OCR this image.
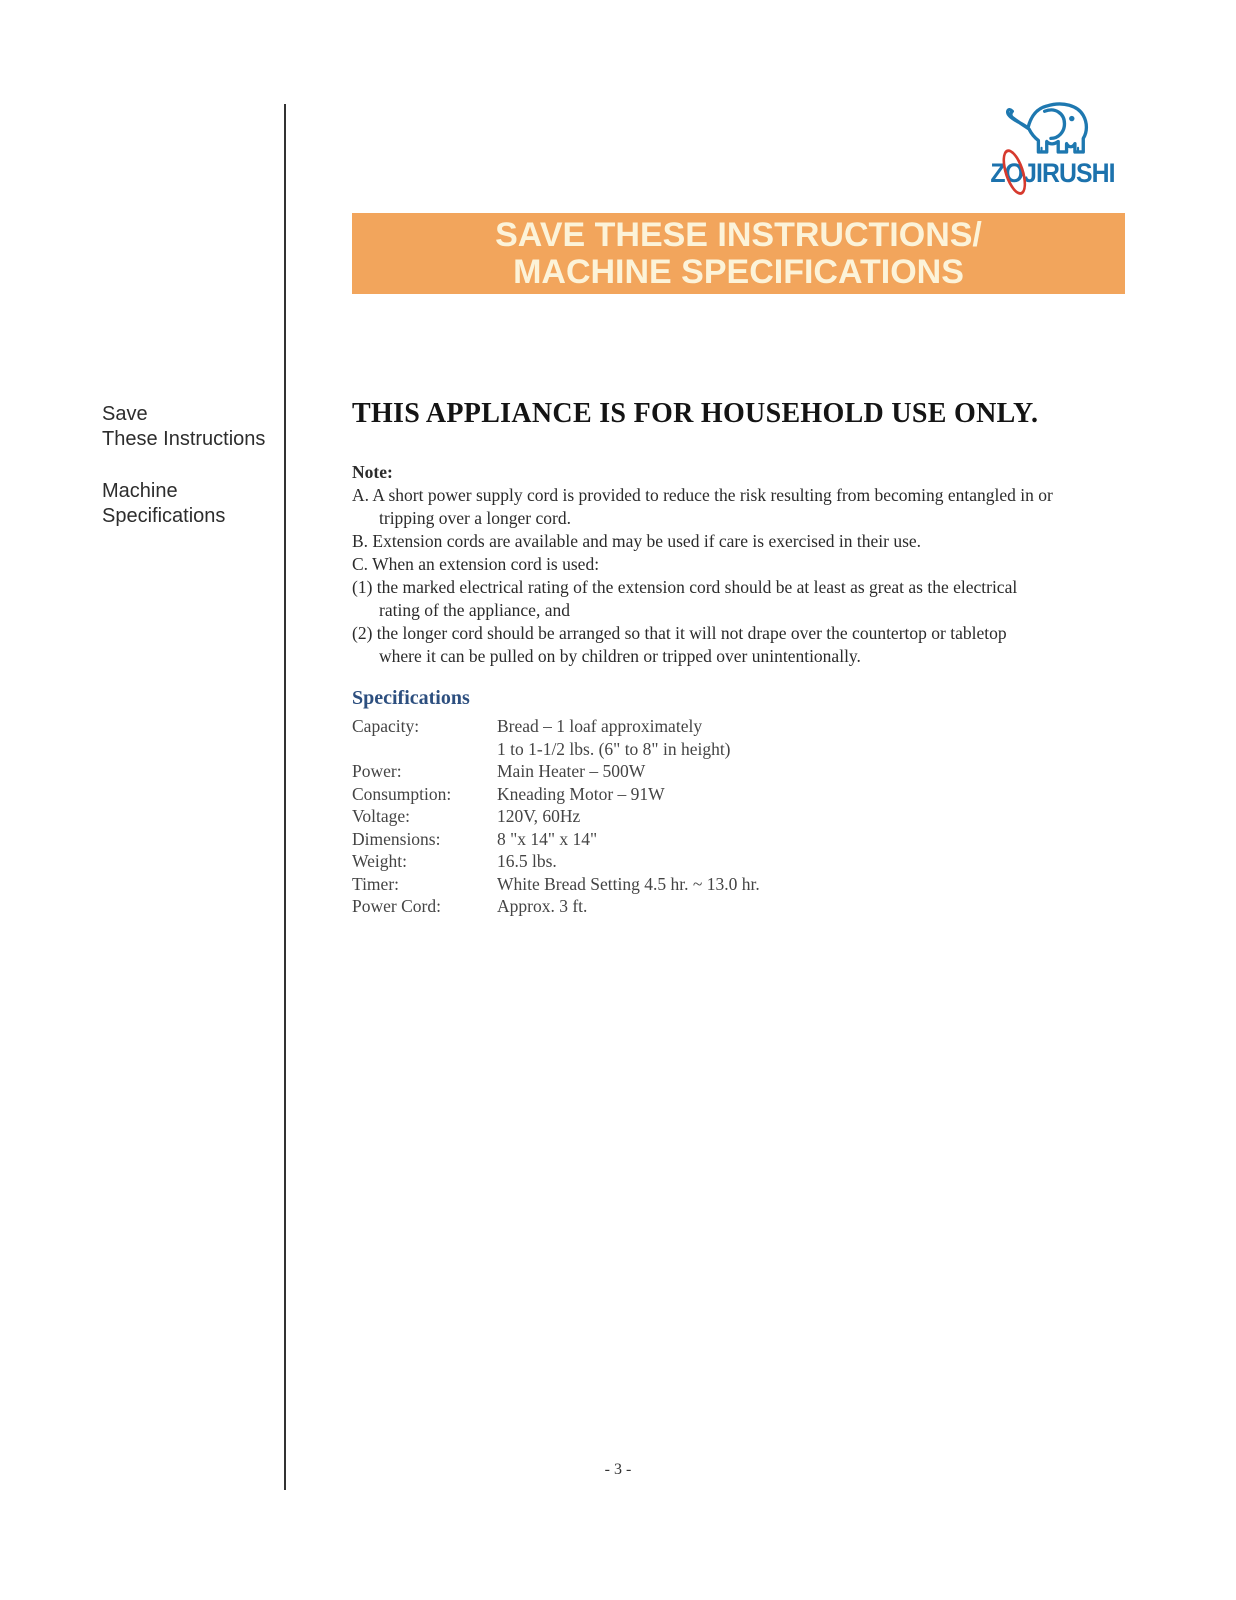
Z O JIRUSHI
SAVE THESE INSTRUCTIONS/
MACHINE SPECIFICATIONS
Save
These Instructions
Machine
Specifications
THIS APPLIANCE IS FOR HOUSEHOLD USE ONLY.
Note:
A. A short power supply cord is provided to reduce the risk resulting from becoming entangled in or
tripping over a longer cord.
B. Extension cords are available and may be used if care is exercised in their use.
C. When an extension cord is used:
(1) the marked electrical rating of the extension cord should be at least as great as the electrical
rating of the appliance, and
(2) the longer cord should be arranged so that it will not drape over the countertop or tabletop
where it can be pulled on by children or tripped over unintentionally.
Specifications
Capacity:	Bread – 1 loaf approximately
1 to 1-1/2 lbs. (6" to 8" in height)
Power:	Main Heater – 500W
Consumption:	Kneading Motor – 91W
Voltage:	120V, 60Hz
Dimensions:	8 "x 14" x 14"
Weight:	16.5 lbs.
Timer:	White Bread Setting 4.5 hr. ~ 13.0 hr.
Power Cord:	Approx. 3 ft.
- 3 -
